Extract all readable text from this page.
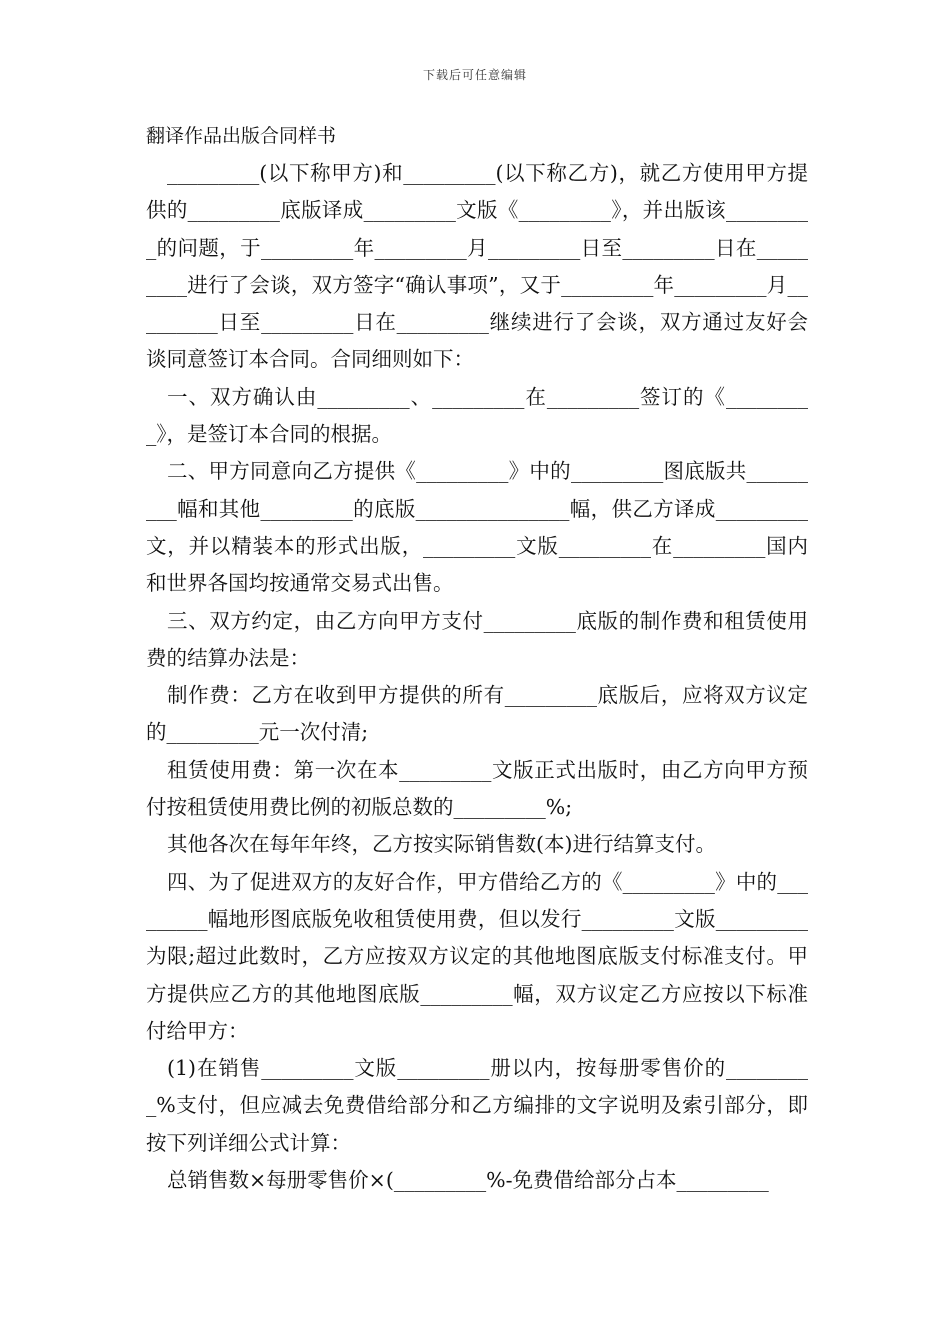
下载后可任意编辑

翻译作品出版合同样书

_________(以下称甲方)和_________(以下称乙方)，就乙方使用甲方提供的_________底版译成_________文版《_________》，并出版该_________的问题，于_________年_________月_________日至_________日在_________进行了会谈，双方签字“确认事项”，又于_________年_________月_________日至_________日在_________继续进行了会谈，双方通过友好会谈同意签订本合同。合同细则如下：

一、双方确认由_________、_________在_________签订的《_________》，是签订本合同的根据。

二、甲方同意向乙方提供《_________》中的_________图底版共_________幅和其他_________的底版_______________幅，供乙方译成_________文，并以精装本的形式出版，_________文版_________在_________国内和世界各国均按通常交易式出售。

三、双方约定，由乙方向甲方支付_________底版的制作费和租赁使用费的结算办法是：

制作费：乙方在收到甲方提供的所有_________底版后，应将双方议定的_________元一次付清;

租赁使用费：第一次在本_________文版正式出版时，由乙方向甲方预付按租赁使用费比例的初版总数的_________%;

其他各次在每年年终，乙方按实际销售数(本)进行结算支付。

四、为了促进双方的友好合作，甲方借给乙方的《_________》中的_________幅地形图底版免收租赁使用费，但以发行_________文版_________为限;超过此数时，乙方应按双方议定的其他地图底版支付标准支付。甲方提供应乙方的其他地图底版_________幅，双方议定乙方应按以下标准付给甲方：

(1)在销售_________文版_________册以内，按每册零售价的_________%支付，但应减去免费借给部分和乙方编排的文字说明及索引部分，即按下列详细公式计算：

总销售数×每册零售价×(_________%-免费借给部分占本_________
